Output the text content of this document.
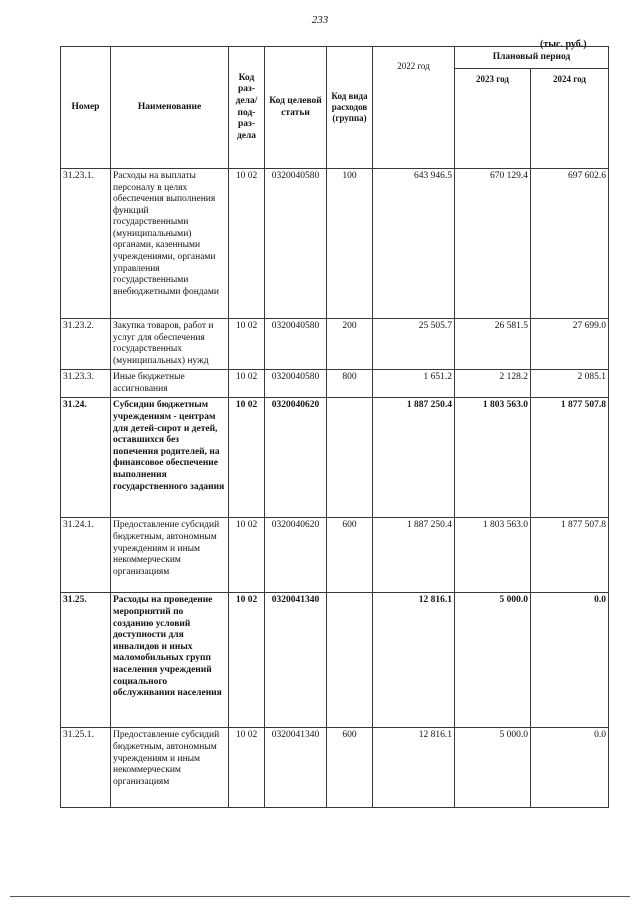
233
(тыс. руб.)
Номер	Наименование	Код раз- дела/ под- раз- дела	Код целевой статьи	Код вида расходов (группа)	2022 год	Плановый период	
						2023 год	2024 год
31.23.1.	Расходы на выплаты персоналу в целях обеспечения выполнения функций государственными (муниципальными) органами, казенными учреждениями, органами управления государственными внебюджетными фондами	10 02	0320040580	100	643 946.5	670 129.4	697 602.6
31.23.2.	Закупка товаров, работ и услуг для обеспечения государственных (муниципальных) нужд	10 02	0320040580	200	25 505.7	26 581.5	27 699.0
31.23.3.	Иные бюджетные ассигнования	10 02	0320040580	800	1 651.2	2 128.2	2 085.1
31.24.	Субсидии бюджетным учреждениям - центрам для детей-сирот и детей, оставшихся без попечения родителей, на финансовое обеспечение выполнения государственного задания	10 02	0320040620		1 887 250.4	1 803 563.0	1 877 507.8
31.24.1.	Предоставление субсидий бюджетным, автономным учреждениям и иным некоммерческим организациям	10 02	0320040620	600	1 887 250.4	1 803 563.0	1 877 507.8
31.25.	Расходы на проведение мероприятий по созданию условий доступности для инвалидов и иных маломобильных групп населения учреждений социального обслуживания населения	10 02	0320041340		12 816.1	5 000.0	0.0
31.25.1.	Предоставление субсидий бюджетным, автономным учреждениям и иным некоммерческим организациям	10 02	0320041340	600	12 816.1	5 000.0	0.0
